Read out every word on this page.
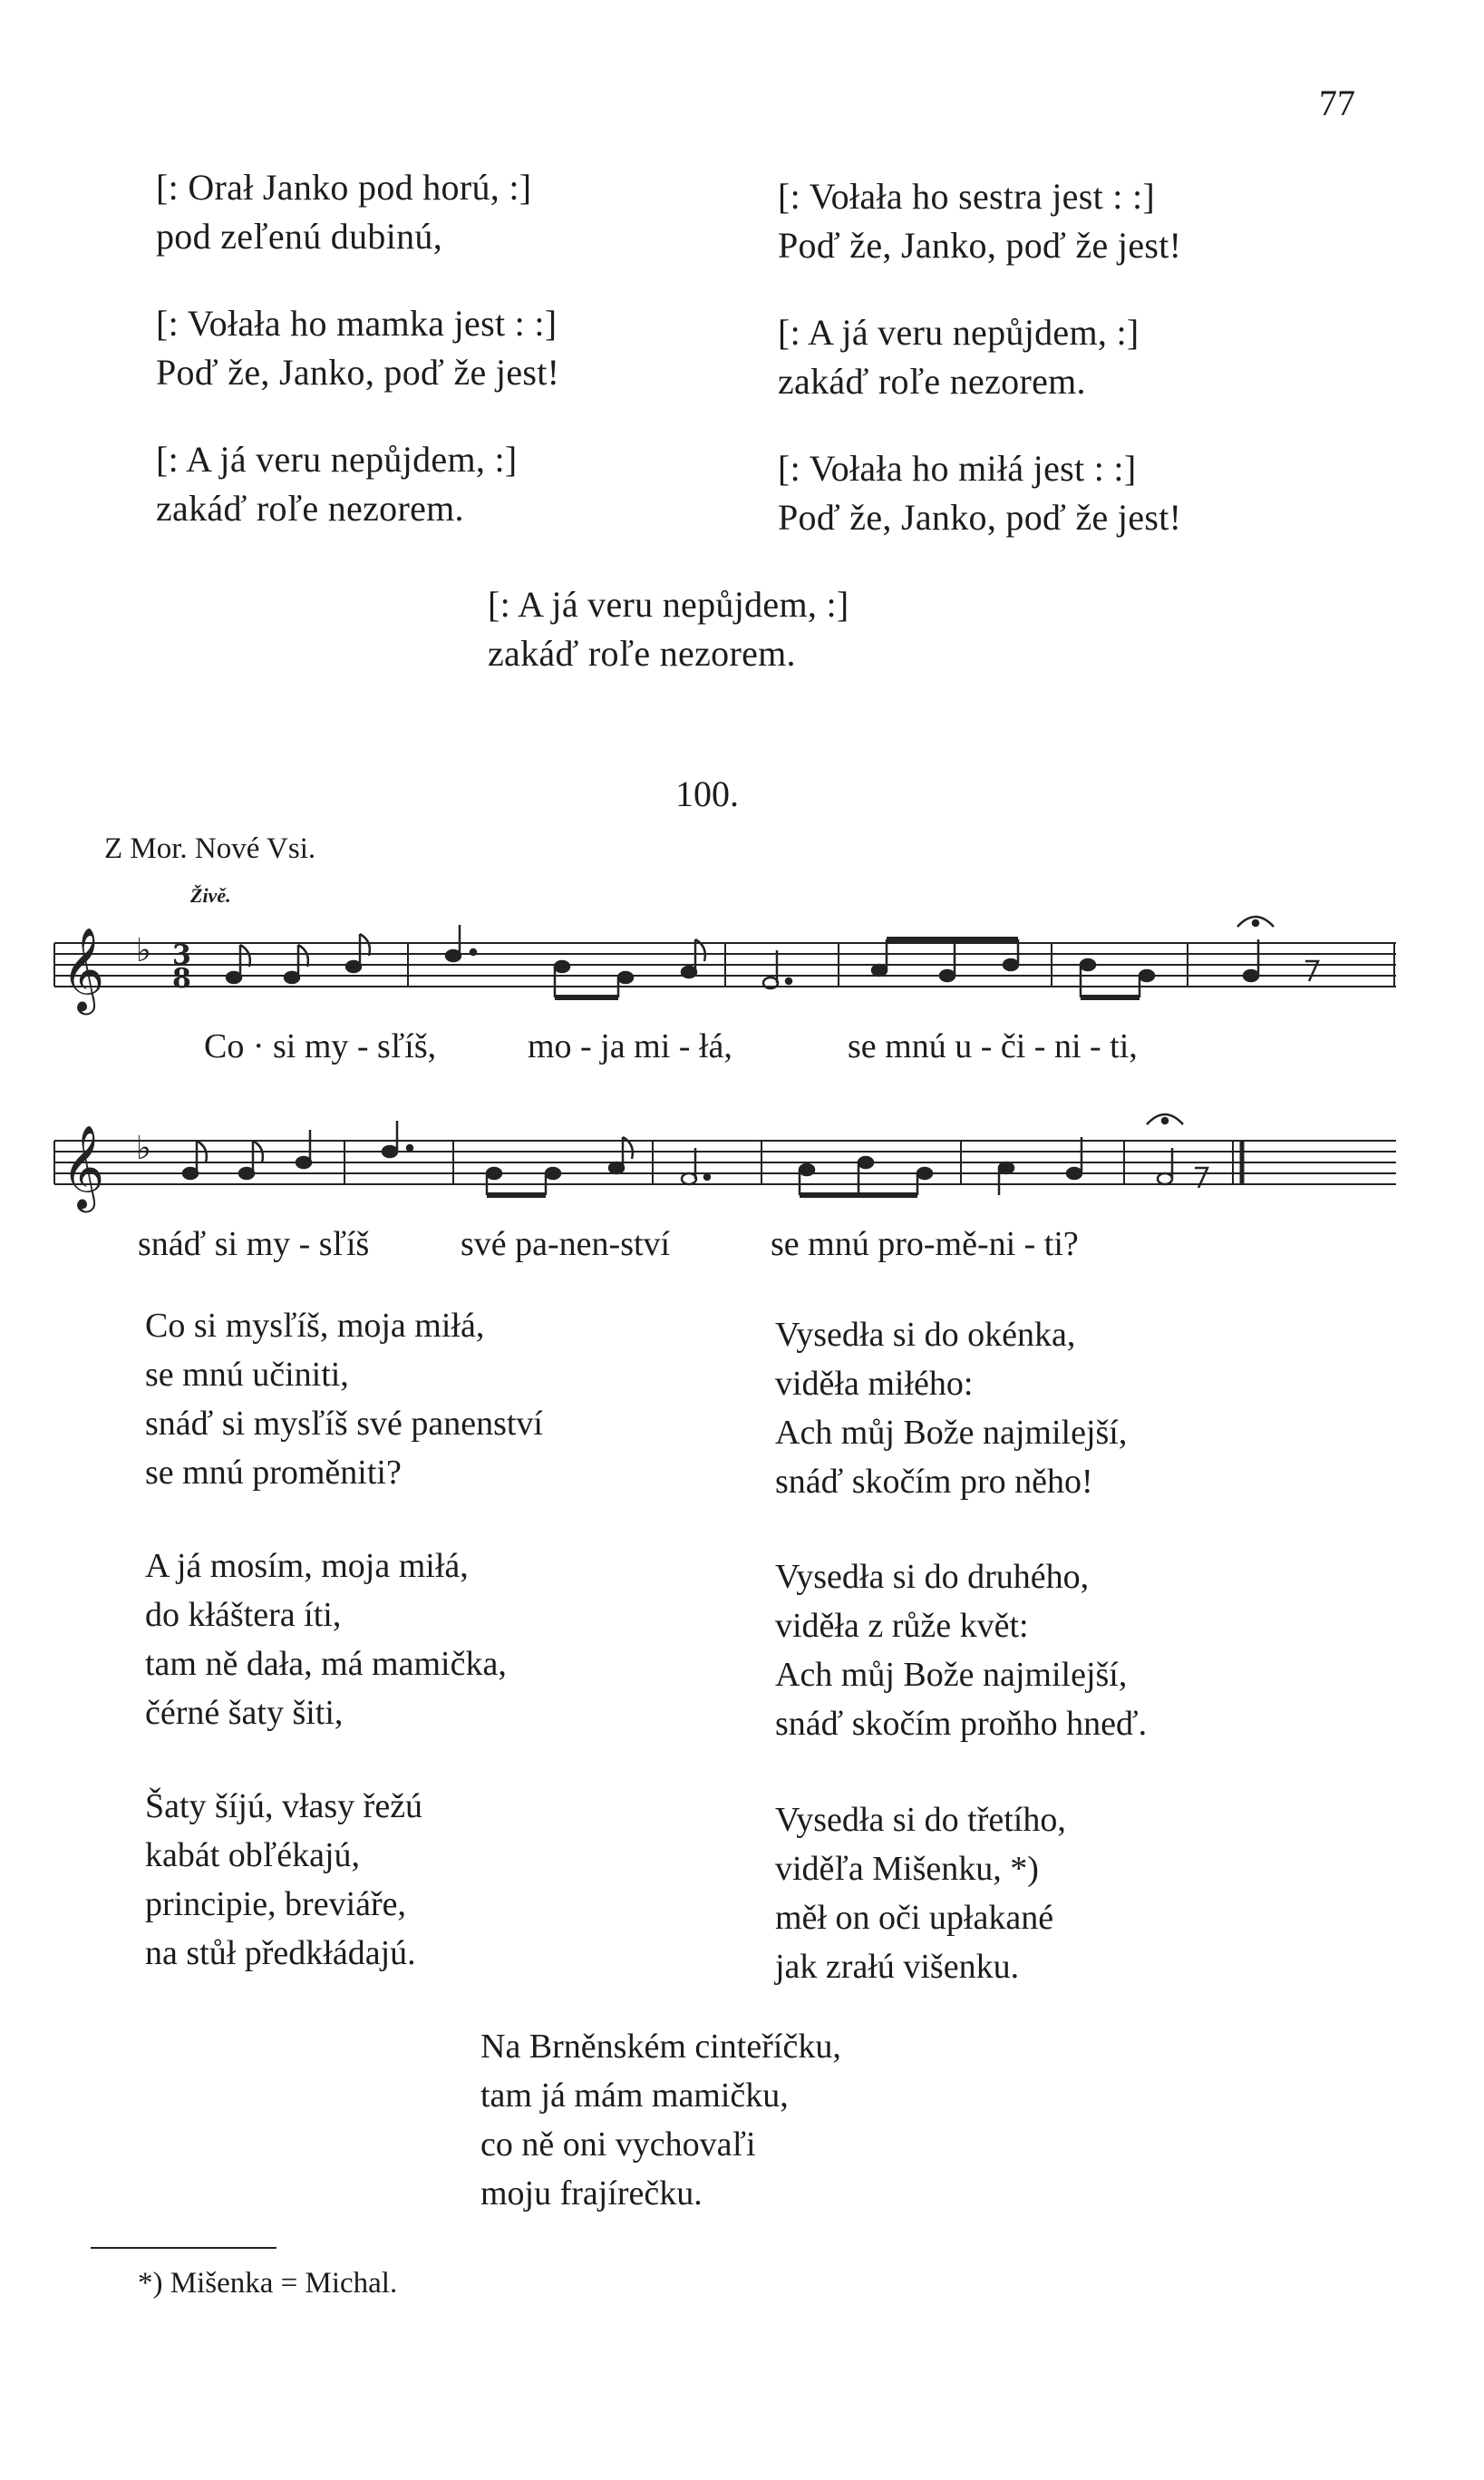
77
[: Orał Janko pod horú, :]
pod zeľenú dubinú,
[: Vołała ho mamka jest : :]
Poď že, Janko, poď že jest!
[: A já veru nepůjdem, :]
zakáď roľe nezorem.
[: Vołała ho sestra jest : :]
Poď že, Janko, poď že jest!
[: A já veru nepůjdem, :]
zakáď roľe nezorem.
[: Vołała ho miłá jest : :]
Poď že, Janko, poď že jest!
[: A já veru nepůjdem, :]
zakáď roľe nezorem.
100.
Z Mor. Nové Vsi.
Živě.
𝄞 ♭ 3
8
Co · si my - sľíš,	mo - ja mi - łá,	se mnú u - či - ni - ti,
𝄞 ♭
snáď si my - sľíš	své pa-nen-ství	se mnú pro-mě-ni - ti?
Co si mysľíš, moja miłá,
se mnú učiniti,
snáď si mysľíš své panenství
se mnú proměniti?
A já mosím, moja miłá,
do kłáštera íti,
tam ně dała, má mamička,
čérné šaty šiti,
Šaty šíjú, vłasy řežú
kabát obľékajú,
principie, breviáře,
na stůł předkłádajú.
Vysedła si do okénka,
viděła miłého:
Ach můj Bože najmilejší,
snáď skočím pro něho!
Vysedła si do druhého,
viděła z růže květ:
Ach můj Bože najmilejší,
snáď skočím proňho hneď.
Vysedła si do třetího,
viděľa Mišenku, *)
měł on oči upłakané
jak zrałú višenku.
Na Brněnském cinteříčku,
tam já mám mamičku,
co ně oni vychovaľi
moju frajírečku.
*) Mišenka = Michal.
